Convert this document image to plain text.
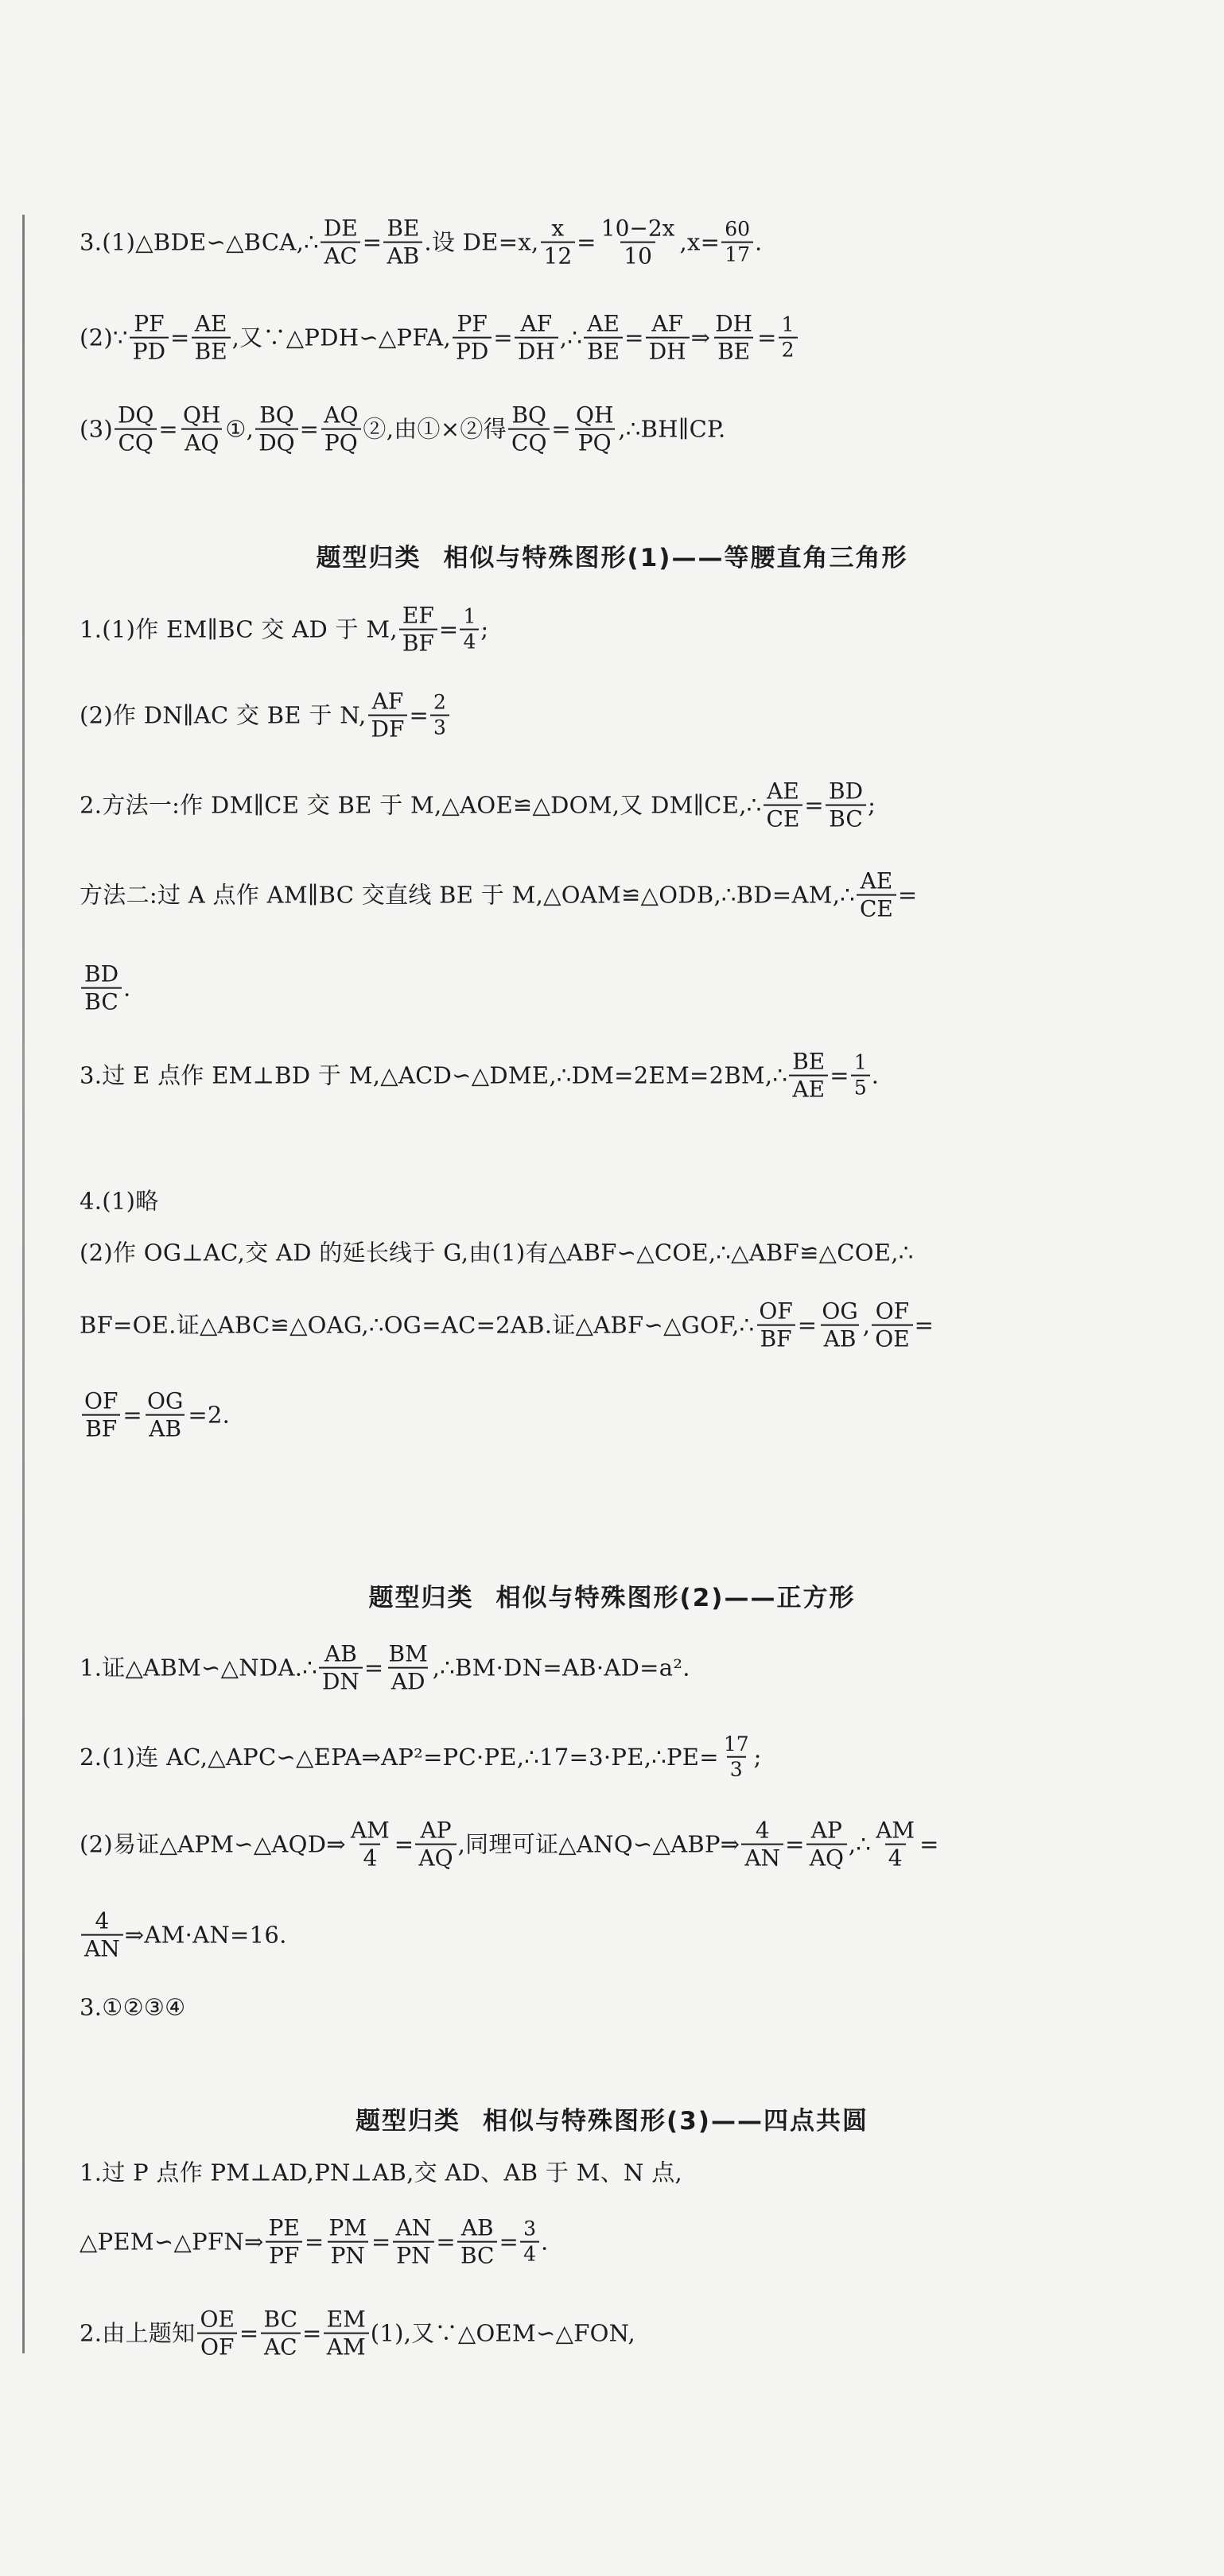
题型归类 相似与特殊图形(1)——等腰直角三角形
题型归类 相似与特殊图形(2)——正方形
题型归类 相似与特殊图形(3)——四点共圆
3.(1)△BDE∽△BCA,∴ $\frac{DE}{AC} = \frac{BE}{AB}$ .设 DE=x, $\frac{x}{12} = \frac{10-2x}{10} ,x= \frac{60}{17}$ .
(2)∵ $\frac{PF}{PD} = \frac{AE}{BE}$ ,又∵△PDH∽△PFA, $\frac{PF}{PD} = \frac{AF}{DH}$ ,∴ $\frac{AE}{BE} = \frac{AF}{DH}$ ⇒ $\frac{DH}{BE} = \frac{1}{2}$
$(3) \frac{DQ}{CQ} = \frac{QH}{AQ}$ ①, $\frac{BQ}{DQ} = \frac{AQ}{PQ}$ ②,由①×②得 $\frac{BQ}{CQ} = \frac{QH}{PQ}$ ,∴BH∥CP.
1.(1)作 EM∥BC 交 AD 于 M, $\frac{EF}{BF} = \frac{1}{4}$ ;
(2)作 DN∥AC 交 BE 于 N, $\frac{AF}{DF} = \frac{2}{3}$
2.方法一:作 DM∥CE 交 BE 于 M,△AOE≌△DOM,又 DM∥CE,∴ $\frac{AE}{CE} = \frac{BD}{BC}$ ;
方法二:过 A 点作 AM∥BC 交直线 BE 于 M,△OAM≌△ODB,∴BD=AM,∴ $\frac{AE}{CE}$ =
$\frac{BD}{BC}$ .
3.过 E 点作 EM⊥BD 于 M,△ACD∽△DME,∴DM=2EM=2BM,∴ $\frac{BE}{AE} = \frac{1}{5}$ .
4.(1)略
(2)作 OG⊥AC,交 AD 的延长线于 G,由(1)有△ABF∽△COE,∴△ABF≌△COE,∴
BF=OE.证△ABC≌△OAG,∴OG=AC=2AB.证△ABF∽△GOF,∴ $\frac{OF}{BF} = \frac{OG}{AB}$ , $\frac{OF}{OE}$ =
$\frac{OF}{BF} = \frac{OG}{AB} =2$.
1.证△ABM∽△NDA.∴ $\frac{AB}{DN} = \frac{BM}{AD}$ ,∴BM·DN=AB·AD=a².
2.(1)连 AC,△APC∽△EPA⇒AP²=PC·PE,∴17=3·PE,∴PE= $\frac{17}{3}$ ;
(2)易证△APM∽△AQD⇒ $\frac{AM}{4} = \frac{AP}{AQ}$ ,同理可证△ANQ∽△ABP⇒ $\frac{4}{AN} = \frac{AP}{AQ}$ ,∴ $\frac{AM}{4}$ =
$\frac{4}{AN}$ ⇒AM·AN=16.
3.①②③④
1.过 P 点作 PM⊥AD,PN⊥AB,交 AD、AB 于 M、N 点,
△PEM∽△PFN⇒ $\frac{PE}{PF} = \frac{PM}{PN} = \frac{AN}{PN} = \frac{AB}{BC} = \frac{3}{4}$ .
2.由上题知 $\frac{OE}{OF} = \frac{BC}{AC} = \frac{EM}{AM} (1)$,又∵△OEM∽△FON,
